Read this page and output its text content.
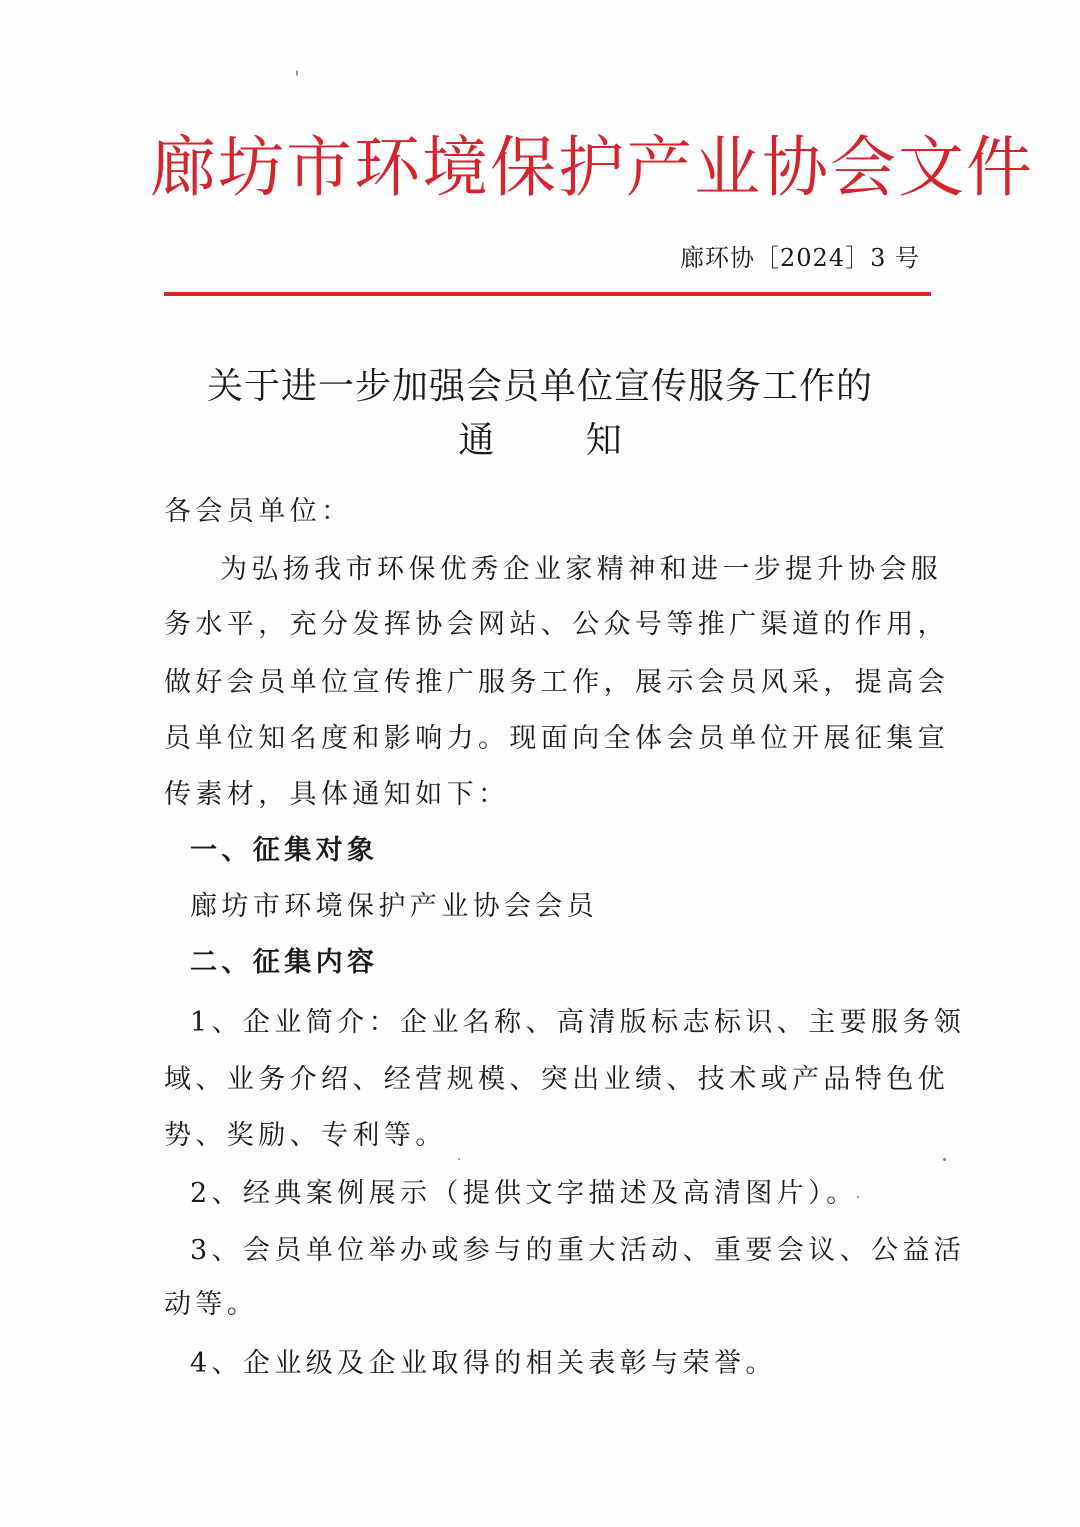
廊坊市环境保护产业协会文件
廊环协［2024］3 号
关于进一步加强会员单位宣传服务工作的
通 知
各会员单位：
为弘扬我市环保优秀企业家精神和进一步提升协会服
务水平，充分发挥协会网站、公众号等推广渠道的作用，
做好会员单位宣传推广服务工作，展示会员风采，提高会
员单位知名度和影响力。现面向全体会员单位开展征集宣
传素材，具体通知如下：
一、征集对象
廊坊市环境保护产业协会会员
二、征集内容
1、企业简介：企业名称、高清版标志标识、主要服务领
域、业务介绍、经营规模、突出业绩、技术或产品特色优
势、奖励、专利等。
2、经典案例展示（提供文字描述及高清图片）。
3、会员单位举办或参与的重大活动、重要会议、公益活
动等。
4、企业级及企业取得的相关表彰与荣誉。
